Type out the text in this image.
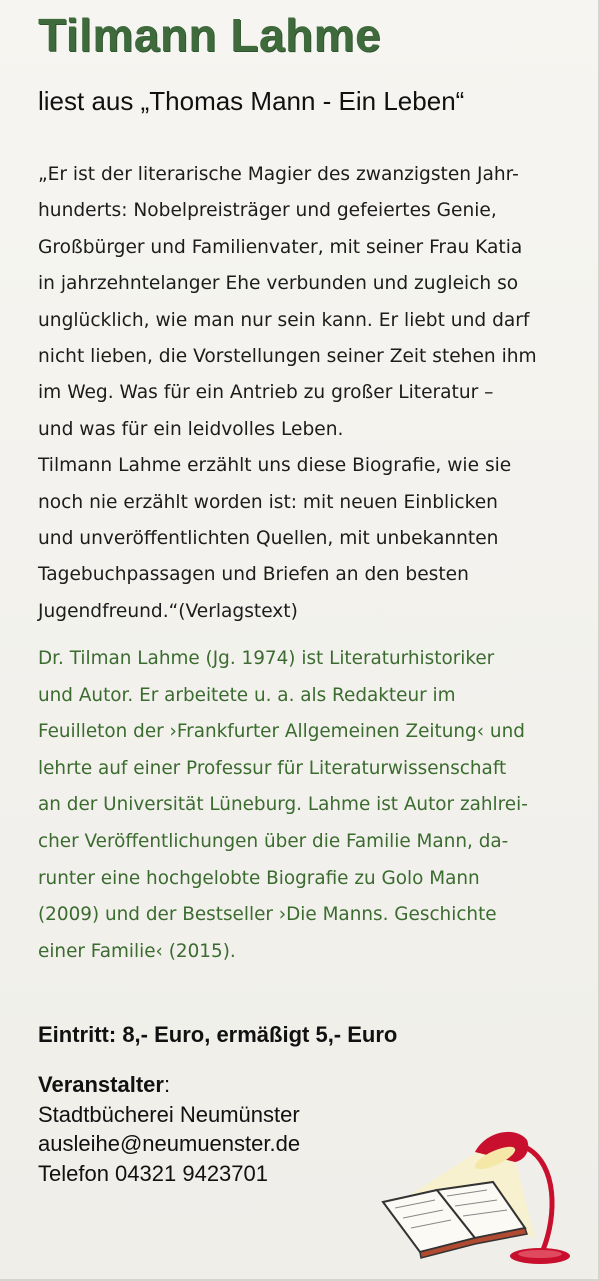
Tilmann Lahme
liest aus „Thomas Mann - Ein Leben“
„Er ist der literarische Magier des zwanzigsten Jahr-
hunderts: Nobelpreisträger und gefeiertes Genie,
Großbürger und Familienvater, mit seiner Frau Katia
in jahrzehntelanger Ehe verbunden und zugleich so
unglücklich, wie man nur sein kann. Er liebt und darf
nicht lieben, die Vorstellungen seiner Zeit stehen ihm
im Weg. Was für ein Antrieb zu großer Literatur –
und was für ein leidvolles Leben.
Tilmann Lahme erzählt uns diese Biografie, wie sie
noch nie erzählt worden ist: mit neuen Einblicken
und unveröffentlichten Quellen, mit unbekannten
Tagebuchpassagen und Briefen an den besten
Jugendfreund.“(Verlagstext)
Dr. Tilman Lahme (Jg. 1974) ist Literaturhistoriker
und Autor. Er arbeitete u. a. als Redakteur im
Feuilleton der ›Frankfurter Allgemeinen Zeitung‹ und
lehrte auf einer Professur für Literaturwissenschaft
an der Universität Lüneburg. Lahme ist Autor zahlrei-
cher Veröffentlichungen über die Familie Mann, da-
runter eine hochgelobte Biografie zu Golo Mann
(2009) und der Bestseller ›Die Manns. Geschichte
einer Familie‹ (2015).
Eintritt: 8,- Euro, ermäßigt 5,- Euro
Veranstalter:
Stadtbücherei Neumünster
ausleihe@neumuenster.de
Telefon 04321 9423701
